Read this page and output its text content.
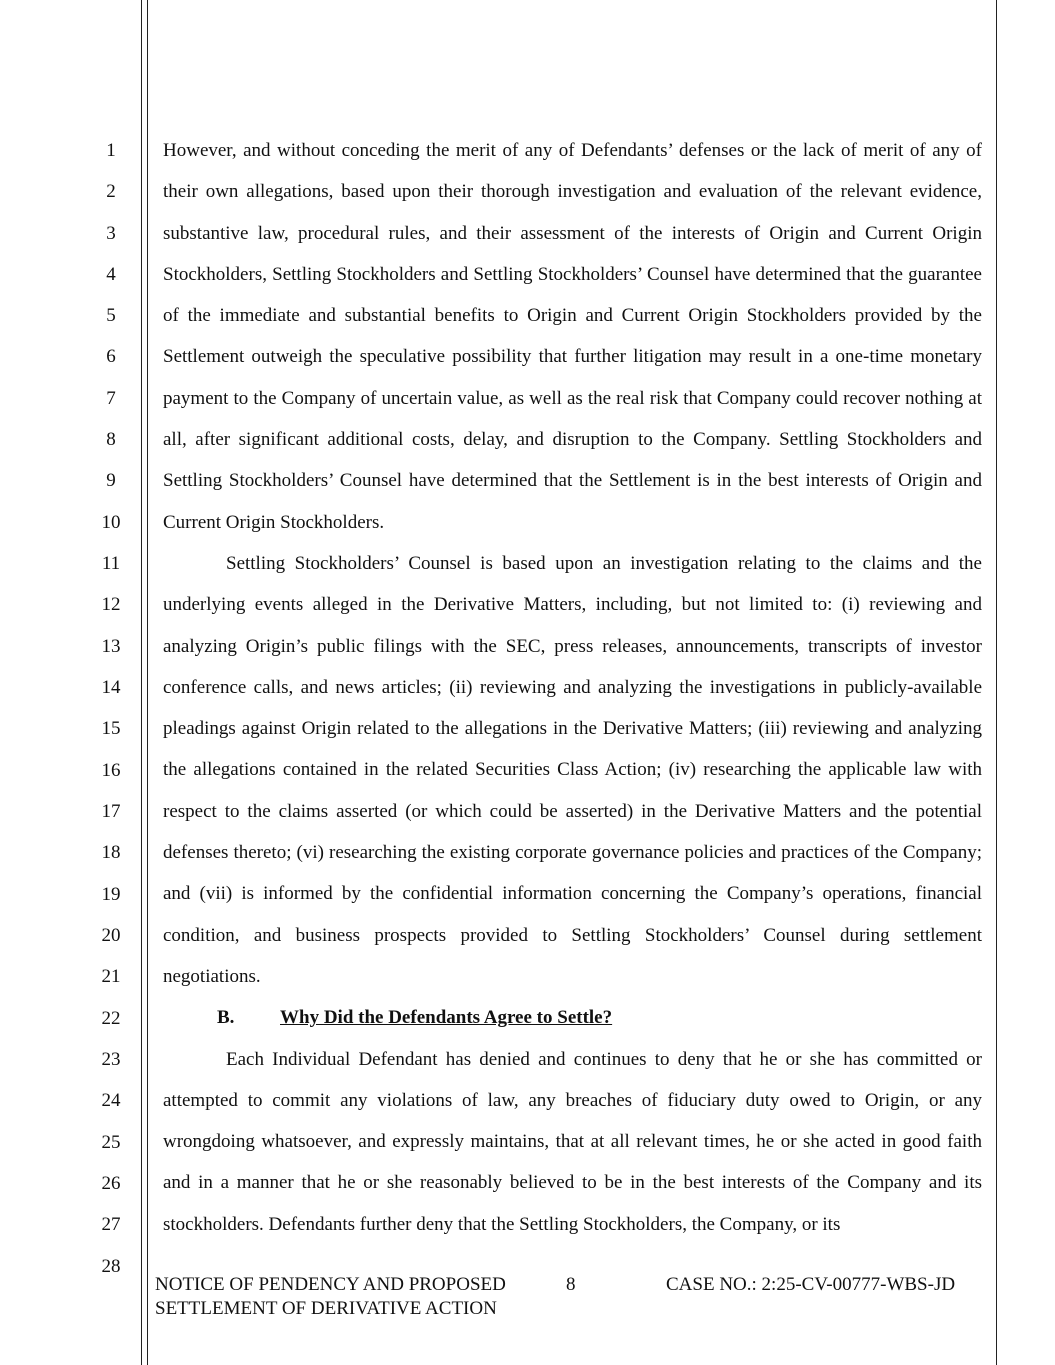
1
2
3
4
5
6
7
8
9
10
11
12
13
14
15
16
17
18
19
20
21
22
23
24
25
26
27
28

However, and without conceding the merit of any of Defendants’ defenses or the lack of merit of any of their own allegations, based upon their thorough investigation and evaluation of the relevant evidence, substantive law, procedural rules, and their assessment of the interests of Origin and Current Origin Stockholders, Settling Stockholders and Settling Stockholders’ Counsel have determined that the guarantee of the immediate and substantial benefits to Origin and Current Origin Stockholders provided by the Settlement outweigh the speculative possibility that further litigation may result in a one-time monetary payment to the Company of uncertain value, as well as the real risk that Company could recover nothing at all, after significant additional costs, delay, and disruption to the Company. Settling Stockholders and Settling Stockholders’ Counsel have determined that the Settlement is in the best interests of Origin and Current Origin Stockholders.

Settling Stockholders’ Counsel is based upon an investigation relating to the claims and the underlying events alleged in the Derivative Matters, including, but not limited to: (i) reviewing and analyzing Origin’s public filings with the SEC, press releases, announcements, transcripts of investor conference calls, and news articles; (ii) reviewing and analyzing the investigations in publicly-available pleadings against Origin related to the allegations in the Derivative Matters; (iii) reviewing and analyzing the allegations contained in the related Securities Class Action; (iv) researching the applicable law with respect to the claims asserted (or which could be asserted) in the Derivative Matters and the potential defenses thereto; (vi) researching the existing corporate governance policies and practices of the Company; and (vii) is informed by the confidential information concerning the Company’s operations, financial condition, and business prospects provided to Settling Stockholders’ Counsel during settlement negotiations.

B. Why Did the Defendants Agree to Settle?

Each Individual Defendant has denied and continues to deny that he or she has committed or attempted to commit any violations of law, any breaches of fiduciary duty owed to Origin, or any wrongdoing whatsoever, and expressly maintains, that at all relevant times, he or she acted in good faith and in a manner that he or she reasonably believed to be in the best interests of the Company and its stockholders. Defendants further deny that the Settling Stockholders, the Company, or its

NOTICE OF PENDENCY AND PROPOSED
SETTLEMENT OF DERIVATIVE ACTION
8	CASE NO.: 2:25-CV-00777-WBS-JD
